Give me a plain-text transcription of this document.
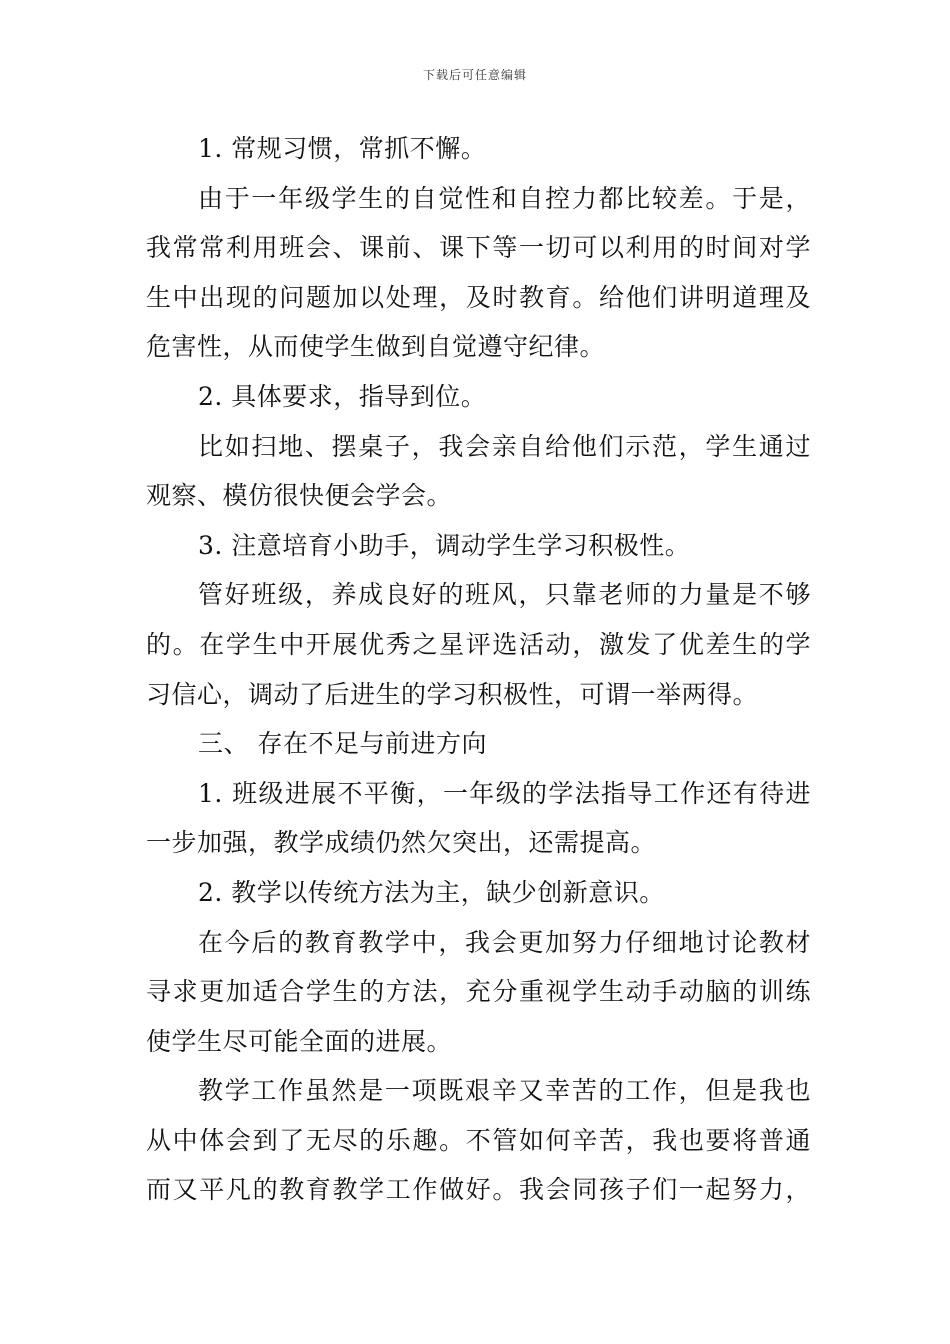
下载后可任意编辑
1. 常规习惯，常抓不懈。
由于一年级学生的自觉性和自控力都比较差。于是，
我常常利用班会、课前、课下等一切可以利用的时间对学
生中出现的问题加以处理，及时教育。给他们讲明道理及
危害性，从而使学生做到自觉遵守纪律。
2. 具体要求，指导到位。
比如扫地、摆桌子，我会亲自给他们示范，学生通过
观察、模仿很快便会学会。
3. 注意培育小助手，调动学生学习积极性。
管好班级，养成良好的班风，只靠老师的力量是不够
的。在学生中开展优秀之星评选活动，激发了优差生的学
习信心，调动了后进生的学习积极性，可谓一举两得。
三、 存在不足与前进方向
1. 班级进展不平衡，一年级的学法指导工作还有待进
一步加强，教学成绩仍然欠突出，还需提高。
2. 教学以传统方法为主，缺少创新意识。
在今后的教育教学中，我会更加努力仔细地讨论教材
寻求更加适合学生的方法，充分重视学生动手动脑的训练
使学生尽可能全面的进展。
教学工作虽然是一项既艰辛又幸苦的工作，但是我也
从中体会到了无尽的乐趣。不管如何辛苦，我也要将普通
而又平凡的教育教学工作做好。我会同孩子们一起努力，
